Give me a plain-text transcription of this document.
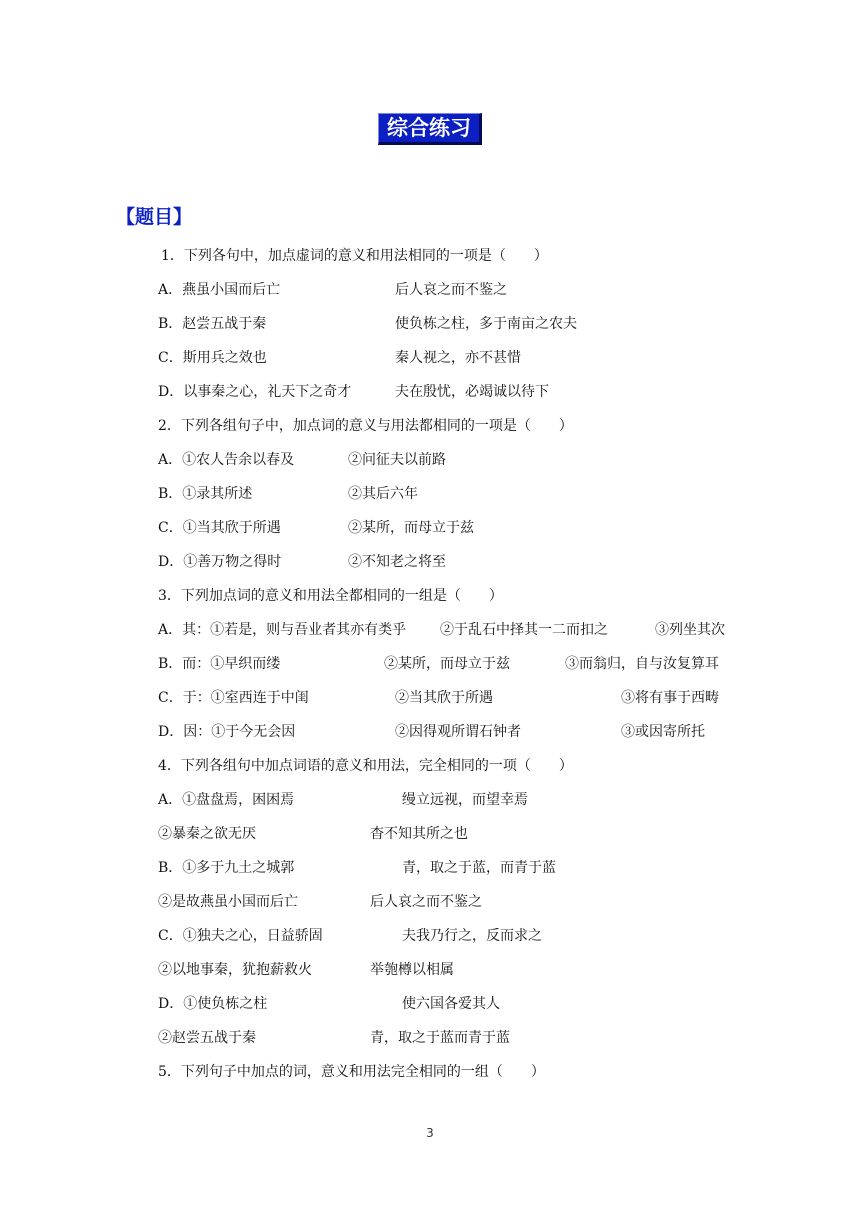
综合练习
【题目】
1．下列各句中，加点虚词的意义和用法相同的一项是（　　）
A．燕虽小国而后亡	后人哀之而不鉴之
B．赵尝五战于秦	使负栋之柱，多于南亩之农夫
C．斯用兵之效也	秦人视之，亦不甚惜
D．以事秦之心，礼天下之奇才	夫在殷忧，必竭诚以待下
2．下列各组句子中，加点词的意义与用法都相同的一项是（　　）
A．①农人告余以春及	②问征夫以前路
B．①录其所述	②其后六年
C．①当其欣于所遇	②某所，而母立于兹
D．①善万物之得时	②不知老之将至
3．下列加点词的意义和用法全都相同的一组是（　　）
A．其：①若是，则与吾业者其亦有类乎 ②于乱石中择其一二而扣之	③列坐其次
B．而：①早织而缕	②某所，而母立于兹	③而翁归，自与汝复算耳
C．于：①室西连于中闺	②当其欣于所遇	③将有事于西畴
D．因：①于今无会因	②因得观所谓石钟者	③或因寄所托
4．下列各组句中加点词语的意义和用法，完全相同的一项（　　）
A．①盘盘焉，困困焉	缦立远视，而望幸焉
②暴秦之欲无厌	杳不知其所之也
B．①多于九土之城郭	青，取之于蓝，而青于蓝
②是故燕虽小国而后亡	后人哀之而不鉴之
C．①独夫之心，日益骄固	夫我乃行之，反而求之
②以地事秦，犹抱薪救火	举匏樽以相属
D．①使负栋之柱	使六国各爱其人
②赵尝五战于秦	青，取之于蓝而青于蓝
5．下列句子中加点的词，意义和用法完全相同的一组（　　）
3
